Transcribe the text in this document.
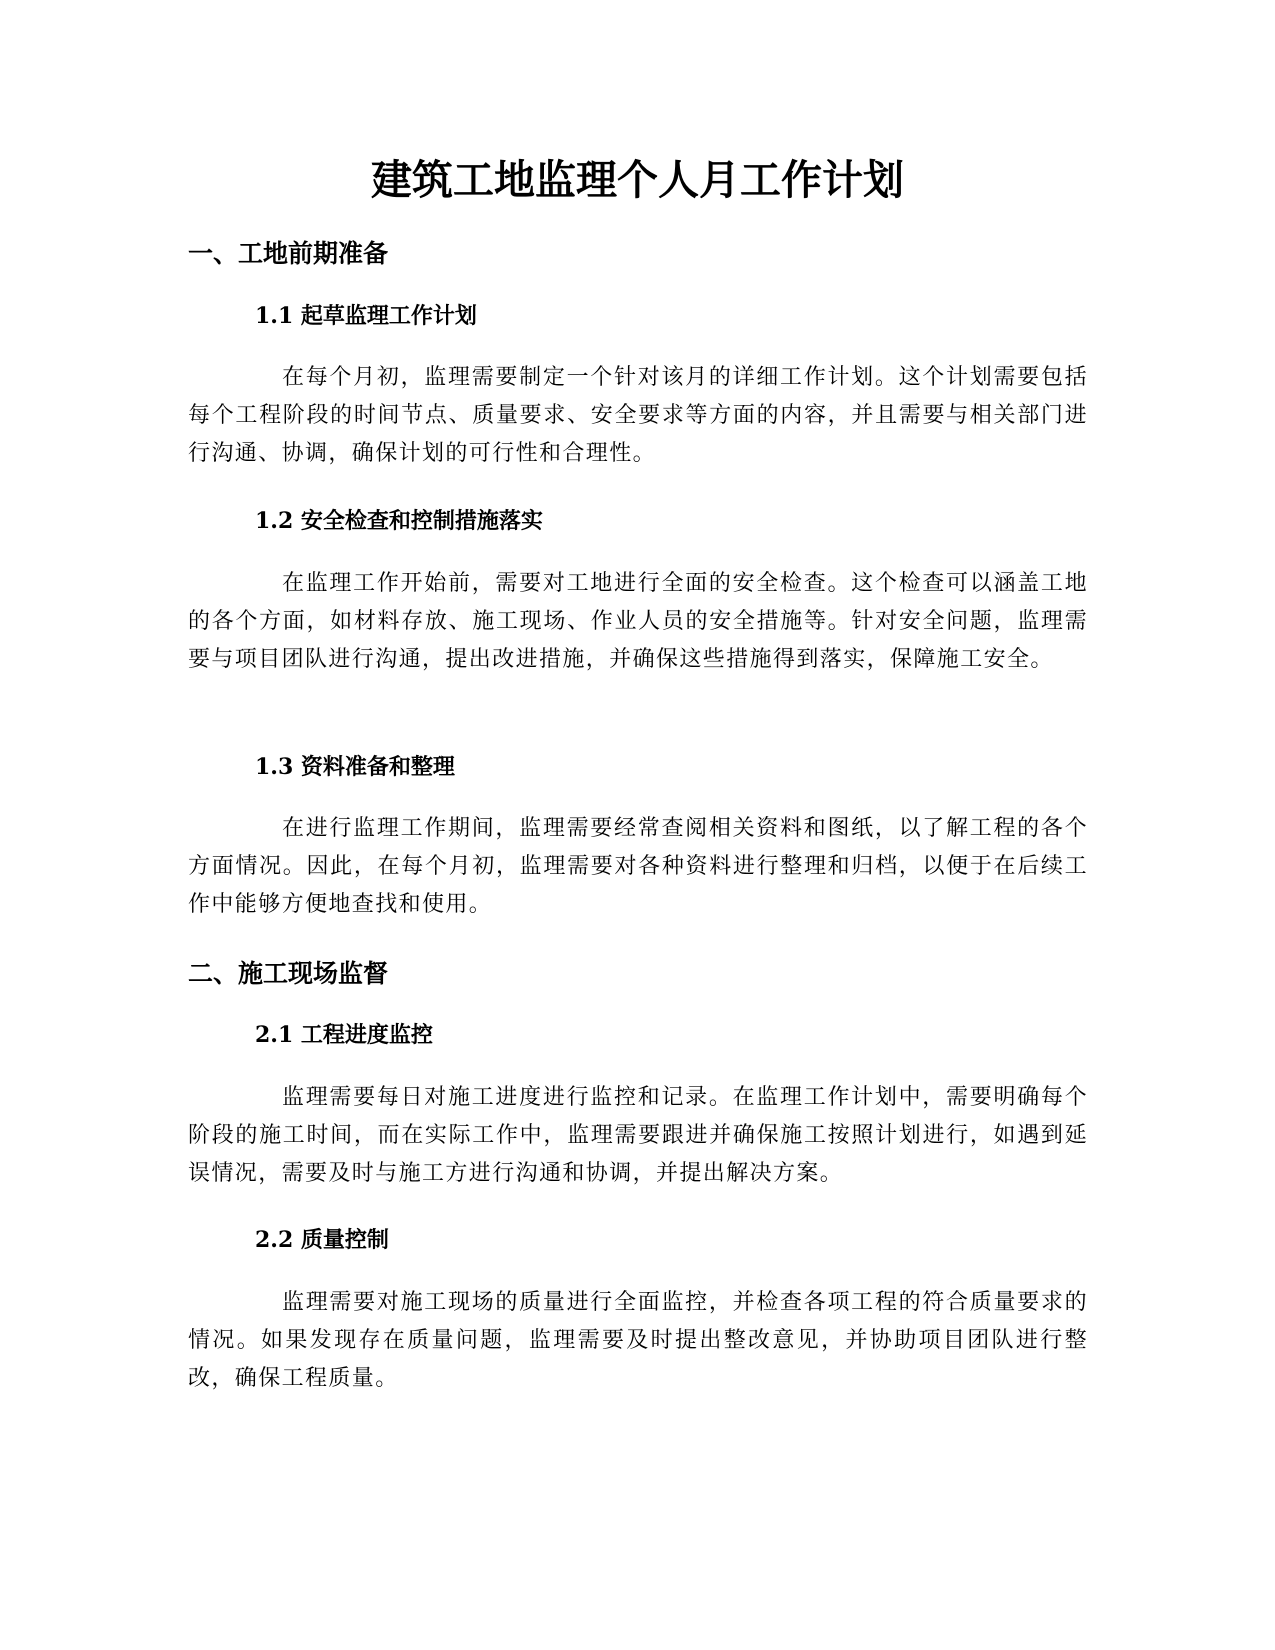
建筑工地监理个人月工作计划
一、工地前期准备
1.1 起草监理工作计划

在每个月初，监理需要制定一个针对该月的详细工作计划。这个计划需要包括每个工程阶段的时间节点、质量要求、安全要求等方面的内容，并且需要与相关部门进行沟通、协调，确保计划的可行性和合理性。

1.2 安全检查和控制措施落实

在监理工作开始前，需要对工地进行全面的安全检查。这个检查可以涵盖工地的各个方面，如材料存放、施工现场、作业人员的安全措施等。针对安全问题，监理需要与项目团队进行沟通，提出改进措施，并确保这些措施得到落实，保障施工安全。

1.3 资料准备和整理

在进行监理工作期间，监理需要经常查阅相关资料和图纸，以了解工程的各个方面情况。因此，在每个月初，监理需要对各种资料进行整理和归档，以便于在后续工作中能够方便地查找和使用。

二、施工现场监督
2.1 工程进度监控

监理需要每日对施工进度进行监控和记录。在监理工作计划中，需要明确每个阶段的施工时间，而在实际工作中，监理需要跟进并确保施工按照计划进行，如遇到延误情况，需要及时与施工方进行沟通和协调，并提出解决方案。

2.2 质量控制

监理需要对施工现场的质量进行全面监控，并检查各项工程的符合质量要求的情况。如果发现存在质量问题，监理需要及时提出整改意见，并协助项目团队进行整改，确保工程质量。
